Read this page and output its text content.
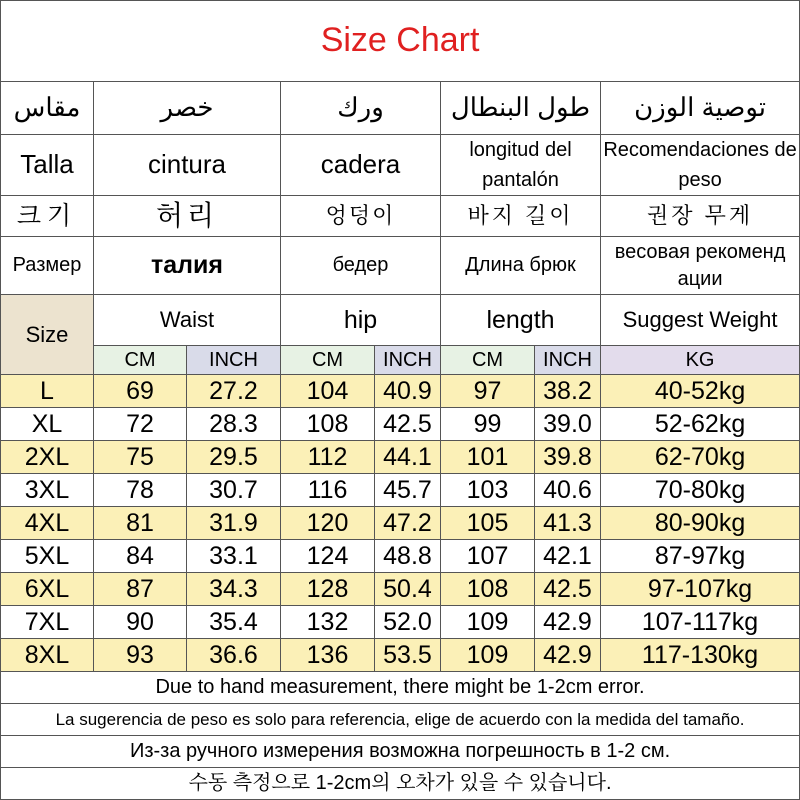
Size Chart							
مقاس	خصر		ورك		طول البنطال		توصية الوزن
Talla	cintura		cadera		longitud del pantalón		Recomendaciones de peso
크기	허리		엉덩이		바지 길이		권장 무게
Размер	талия		бедер		Длина брюк		весовая рекоменд ации
Size	Waist		hip		length		Suggest Weight
	CM	INCH	CM	INCH	CM	INCH	KG
L	69	27.2	104	40.9	97	38.2	40-52kg
XL	72	28.3	108	42.5	99	39.0	52-62kg
2XL	75	29.5	112	44.1	101	39.8	62-70kg
3XL	78	30.7	116	45.7	103	40.6	70-80kg
4XL	81	31.9	120	47.2	105	41.3	80-90kg
5XL	84	33.1	124	48.8	107	42.1	87-97kg
6XL	87	34.3	128	50.4	108	42.5	97-107kg
7XL	90	35.4	132	52.0	109	42.9	107-117kg
8XL	93	36.6	136	53.5	109	42.9	117-130kg
Due to hand measurement, there might be 1-2cm error.							
La sugerencia de peso es solo para referencia, elige de acuerdo con la medida del tamaño.							
Из-за ручного измерения возможна погрешность в 1-2 см.							
수동 측정으로 1-2cm의 오차가 있을 수 있습니다.							
